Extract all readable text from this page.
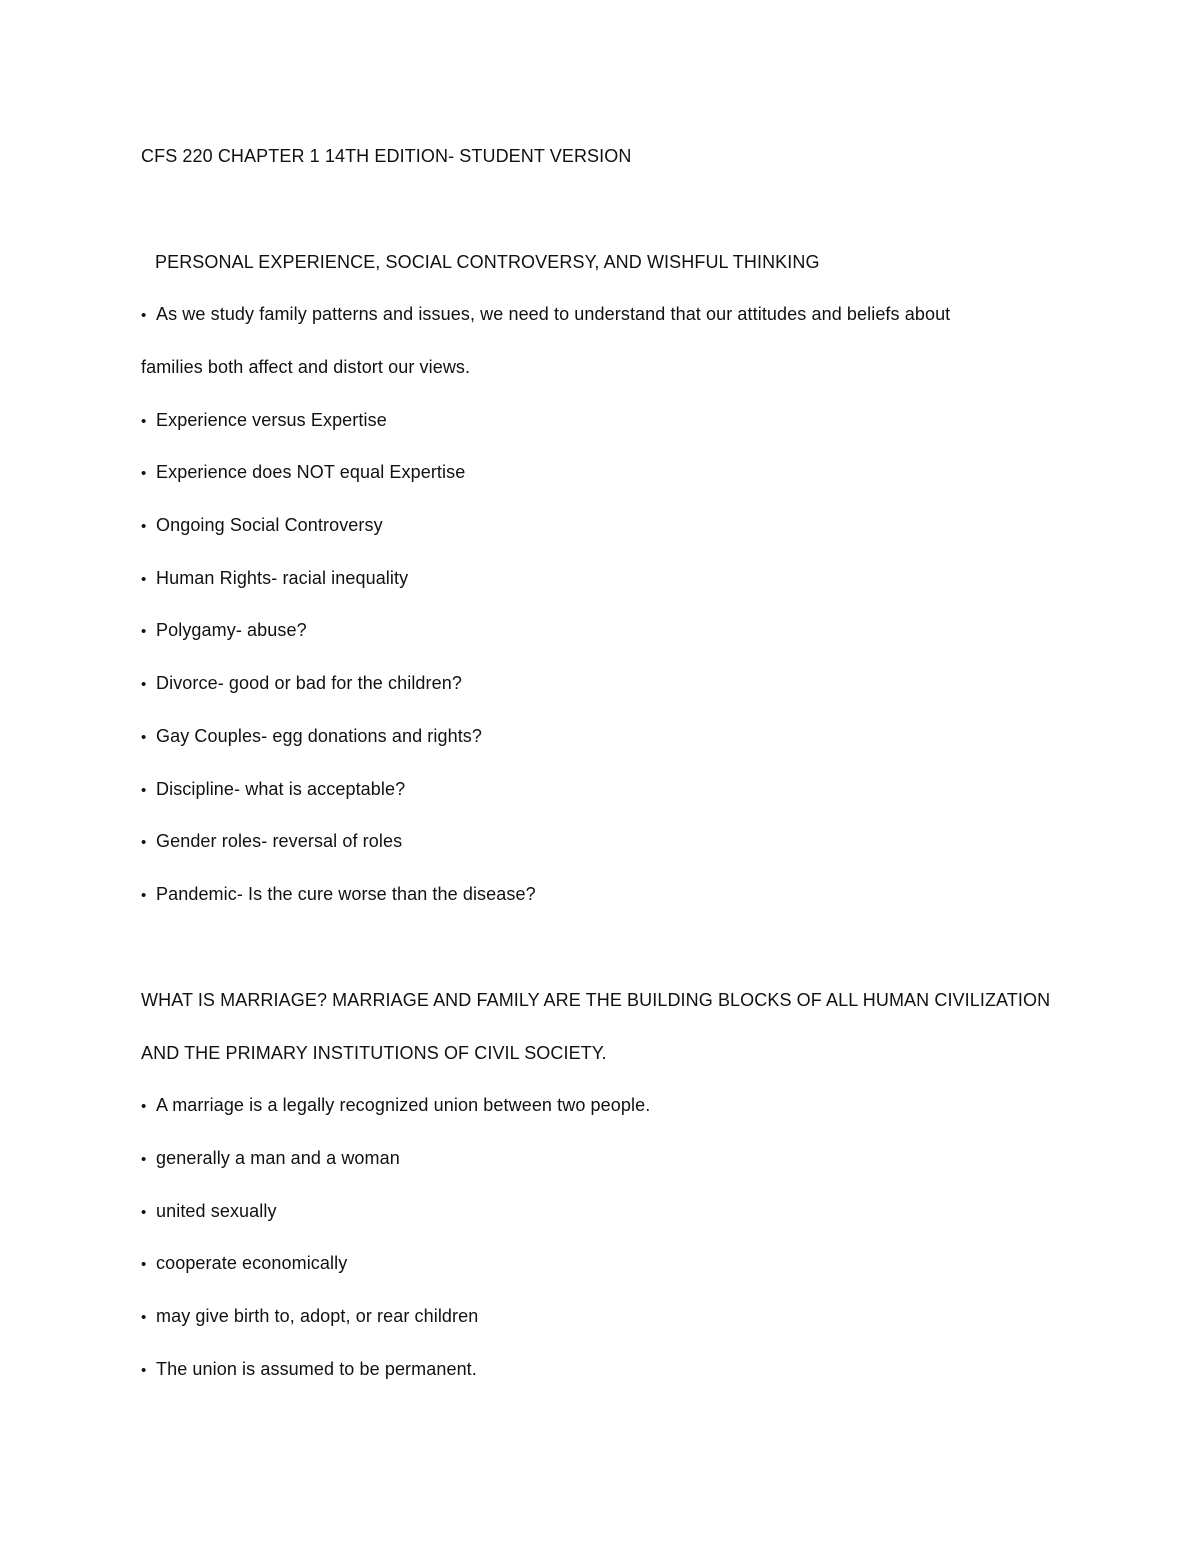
CFS 220 CHAPTER 1 14TH EDITION- STUDENT VERSION
PERSONAL EXPERIENCE, SOCIAL CONTROVERSY, AND WISHFUL THINKING
• As we study family patterns and issues, we need to understand that our attitudes and beliefs about
families both affect and distort our views.
• Experience versus Expertise
• Experience does NOT equal Expertise
• Ongoing Social Controversy
• Human Rights- racial inequality
• Polygamy- abuse?
• Divorce- good or bad for the children?
• Gay Couples- egg donations and rights?
• Discipline- what is acceptable?
• Gender roles- reversal of roles
• Pandemic- Is the cure worse than the disease?
WHAT IS MARRIAGE? MARRIAGE AND FAMILY ARE THE BUILDING BLOCKS OF ALL HUMAN CIVILIZATION
AND THE PRIMARY INSTITUTIONS OF CIVIL SOCIETY.
• A marriage is a legally recognized union between two people.
• generally a man and a woman
• united sexually
• cooperate economically
• may give birth to, adopt, or rear children
• The union is assumed to be permanent.
